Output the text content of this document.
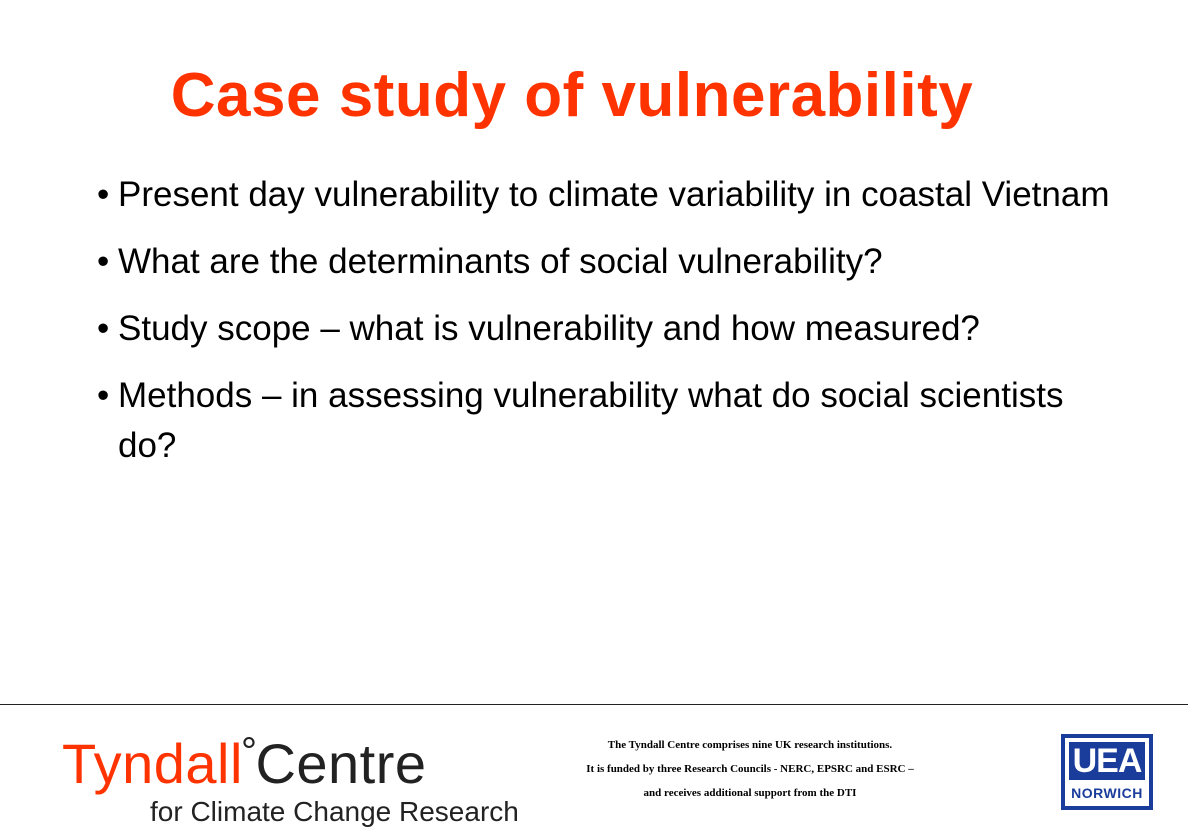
Case study of vulnerability
• Present day vulnerability to climate variability in coastal Vietnam
• What are the determinants of social vulnerability?
• Study scope – what is vulnerability and how measured?
• Methods – in assessing vulnerability what do social scientists do?
Tyndall°Centre
for Climate Change Research
The Tyndall Centre comprises nine UK research institutions.
It is funded by three Research Councils - NERC, EPSRC and ESRC –
and receives additional support from the DTI
UEA
NORWICH
